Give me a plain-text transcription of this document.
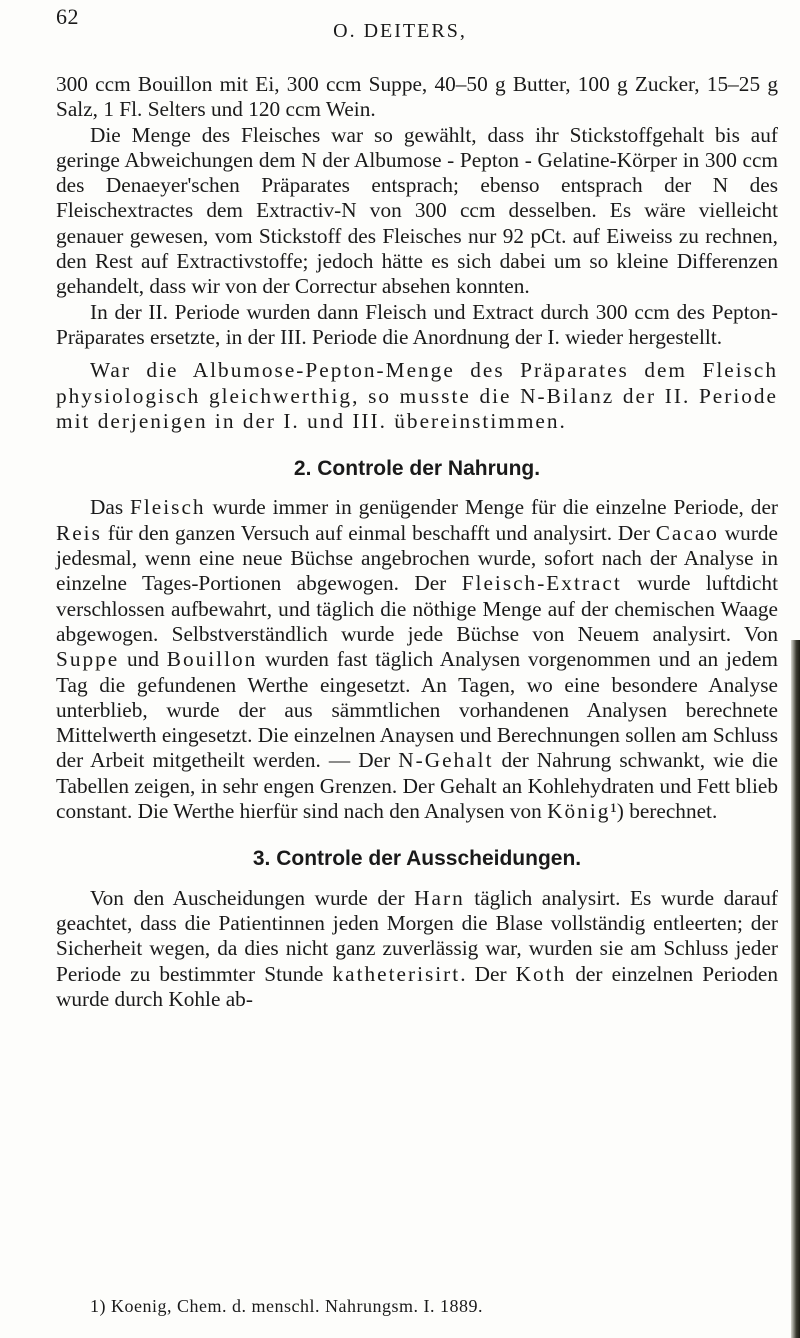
62
O. DEITERS,

300 ccm Bouillon mit Ei, 300 ccm Suppe, 40–50 g Butter, 100 g Zucker, 15–25 g Salz, 1 Fl. Selters und 120 ccm Wein.

Die Menge des Fleisches war so gewählt, dass ihr Stickstoffgehalt bis auf geringe Abweichungen dem N der Albumose - Pepton - Gelatine-Körper in 300 ccm des Denaeyer'schen Präparates entsprach; ebenso entsprach der N des Fleischextractes dem Extractiv-N von 300 ccm desselben. Es wäre vielleicht genauer gewesen, vom Stickstoff des Fleisches nur 92 pCt. auf Eiweiss zu rechnen, den Rest auf Extractivstoffe; jedoch hätte es sich dabei um so kleine Differenzen gehandelt, dass wir von der Correctur absehen konnten.

In der II. Periode wurden dann Fleisch und Extract durch 300 ccm des Pepton-Präparates ersetzte, in der III. Periode die Anordnung der I. wieder hergestellt.

War die Albumose-Pepton-Menge des Präparates dem Fleisch physiologisch gleichwerthig, so musste die N-Bilanz der II. Periode mit derjenigen in der I. und III. übereinstimmen.

2. Controle der Nahrung.

Das Fleisch wurde immer in genügender Menge für die einzelne Periode, der Reis für den ganzen Versuch auf einmal beschafft und analysirt. Der Cacao wurde jedesmal, wenn eine neue Büchse angebrochen wurde, sofort nach der Analyse in einzelne Tages-Portionen abgewogen. Der Fleisch-Extract wurde luftdicht verschlossen aufbewahrt, und täglich die nöthige Menge auf der chemischen Waage abgewogen. Selbstverständlich wurde jede Büchse von Neuem analysirt. Von Suppe und Bouillon wurden fast täglich Analysen vorgenommen und an jedem Tag die gefundenen Werthe eingesetzt. An Tagen, wo eine besondere Analyse unterblieb, wurde der aus sämmtlichen vorhandenen Analysen berechnete Mittelwerth eingesetzt. Die einzelnen Anaysen und Berechnungen sollen am Schluss der Arbeit mitgetheilt werden. — Der N-Gehalt der Nahrung schwankt, wie die Tabellen zeigen, in sehr engen Grenzen. Der Gehalt an Kohlehydraten und Fett blieb constant. Die Werthe hierfür sind nach den Analysen von König¹) berechnet.

3. Controle der Ausscheidungen.

Von den Auscheidungen wurde der Harn täglich analysirt. Es wurde darauf geachtet, dass die Patientinnen jeden Morgen die Blase vollständig entleerten; der Sicherheit wegen, da dies nicht ganz zuverlässig war, wurden sie am Schluss jeder Periode zu bestimmter Stunde katheterisirt. Der Koth der einzelnen Perioden wurde durch Kohle ab-

1) Koenig, Chem. d. menschl. Nahrungsm. I. 1889.
